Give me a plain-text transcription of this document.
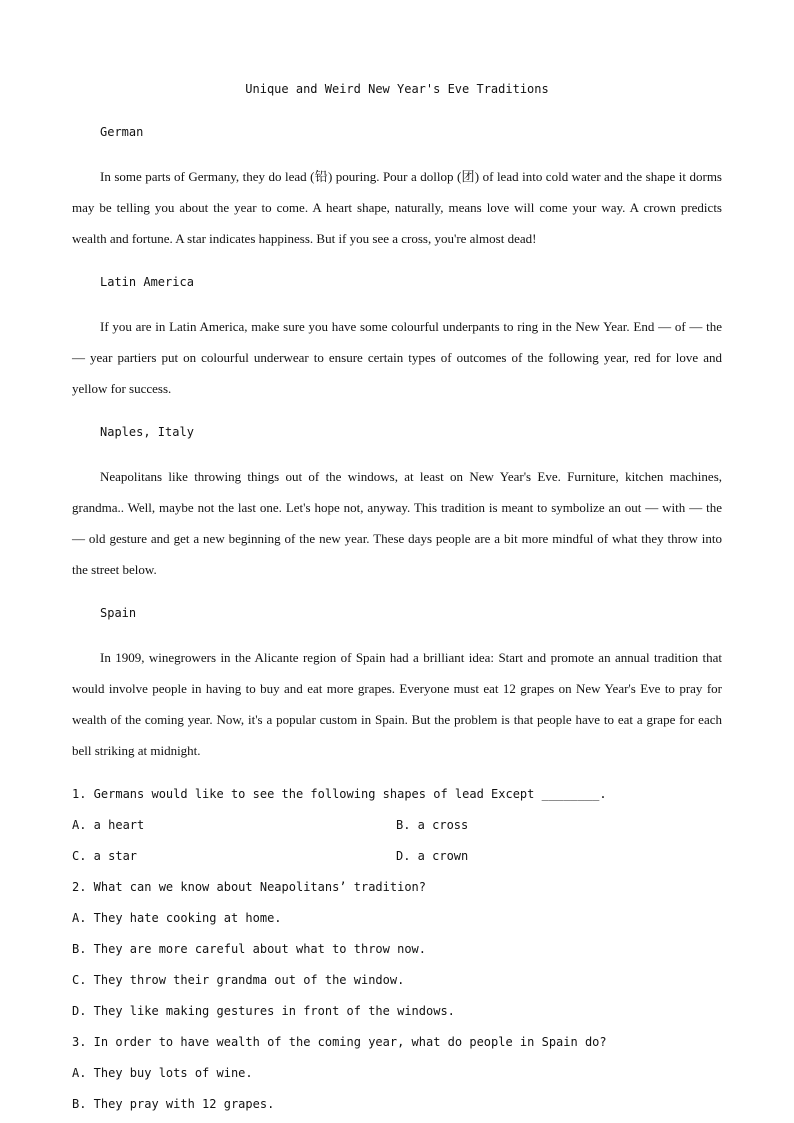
Unique and Weird New Year's Eve Traditions

German

In some parts of Germany, they do lead (铅) pouring. Pour a dollop (团) of lead into cold water and the shape it dorms may be telling you about the year to come. A heart shape, naturally, means love will come your way. A crown predicts wealth and fortune. A star indicates happiness. But if you see a cross, you're almost dead!

Latin America

If you are in Latin America, make sure you have some colourful underpants to ring in the New Year. End — of — the — year partiers put on colourful underwear to ensure certain types of outcomes of the following year, red for love and yellow for success.

Naples, Italy

Neapolitans like throwing things out of the windows, at least on New Year's Eve. Furniture, kitchen machines, grandma.. Well, maybe not the last one. Let's hope not, anyway. This tradition is meant to symbolize an out — with — the — old gesture and get a new beginning of the new year. These days people are a bit more mindful of what they throw into the street below.

Spain

In 1909, winegrowers in the Alicante region of Spain had a brilliant idea: Start and promote an annual tradition that would involve people in having to buy and eat more grapes. Everyone must eat 12 grapes on New Year's Eve to pray for wealth of the coming year. Now, it's a popular custom in Spain. But the problem is that people have to eat a grape for each bell striking at midnight.

1. Germans would like to see the following shapes of lead Except ________.
A. a heart	B. a cross
C. a star	D. a crown
2. What can we know about Neapolitans’ tradition?
A. They hate cooking at home.
B. They are more careful about what to throw now.
C. They throw their grandma out of the window.
D. They like making gestures in front of the windows.
3. In order to have wealth of the coming year, what do people in Spain do?
A. They buy lots of wine.
B. They pray with 12 grapes.
